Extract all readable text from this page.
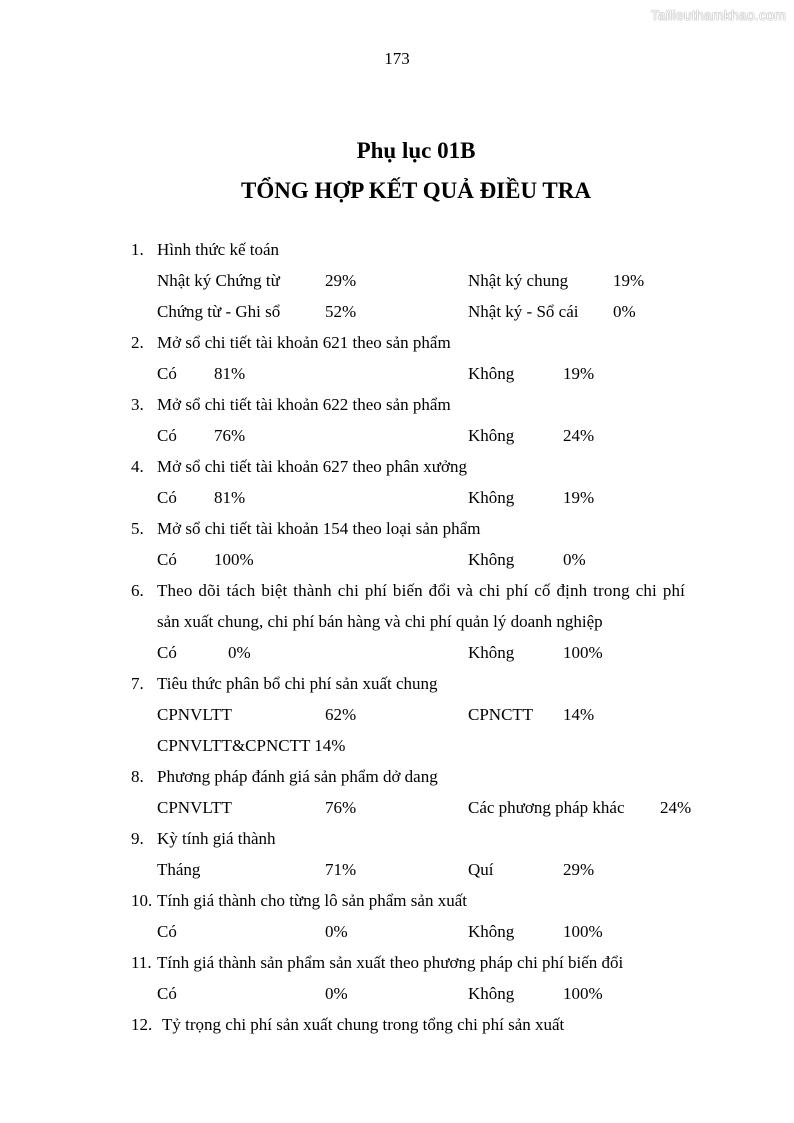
Tailieuthamkhao.com
173
Phụ lục 01B
TỔNG HỢP KẾT QUẢ ĐIỀU TRA
1. Hình thức kế toán
Nhật ký Chứng từ	29%	Nhật ký chung	19%
Chứng từ - Ghi sổ	52%	Nhật ký - Sổ cái 0%
2. Mở sổ chi tiết tài khoản 621 theo sản phẩm
Có 81%	Không	19%
3. Mở sổ chi tiết tài khoản 622 theo sản phẩm
Có 76%	Không	24%
4. Mở sổ chi tiết tài khoản 627 theo phân xưởng
Có 81%	Không	19%
5. Mở sổ chi tiết tài khoản 154 theo loại sản phẩm
Có 100%	Không	0%
6. Theo dõi tách biệt thành chi phí biến đổi và chi phí cố định trong chi phí
sản xuất chung, chi phí bán hàng và chi phí quản lý doanh nghiệp
Có	0%	Không	100%
7. Tiêu thức phân bổ chi phí sản xuất chung
CPNVLTT	62%	CPNCTT 14%
CPNVLTT&CPNCTT 14%
8. Phương pháp đánh giá sản phẩm dở dang
CPNVLTT	76%	Các phương pháp khác 24%
9. Kỳ tính giá thành
Tháng	71%	Quí	29%
10. Tính giá thành cho từng lô sản phẩm sản xuất
Có	0%	Không	100%
11. Tính giá thành sản phẩm sản xuất theo phương pháp chi phí biến đổi
Có	0%	Không	100%
12. Tỷ trọng chi phí sản xuất chung trong tổng chi phí sản xuất
